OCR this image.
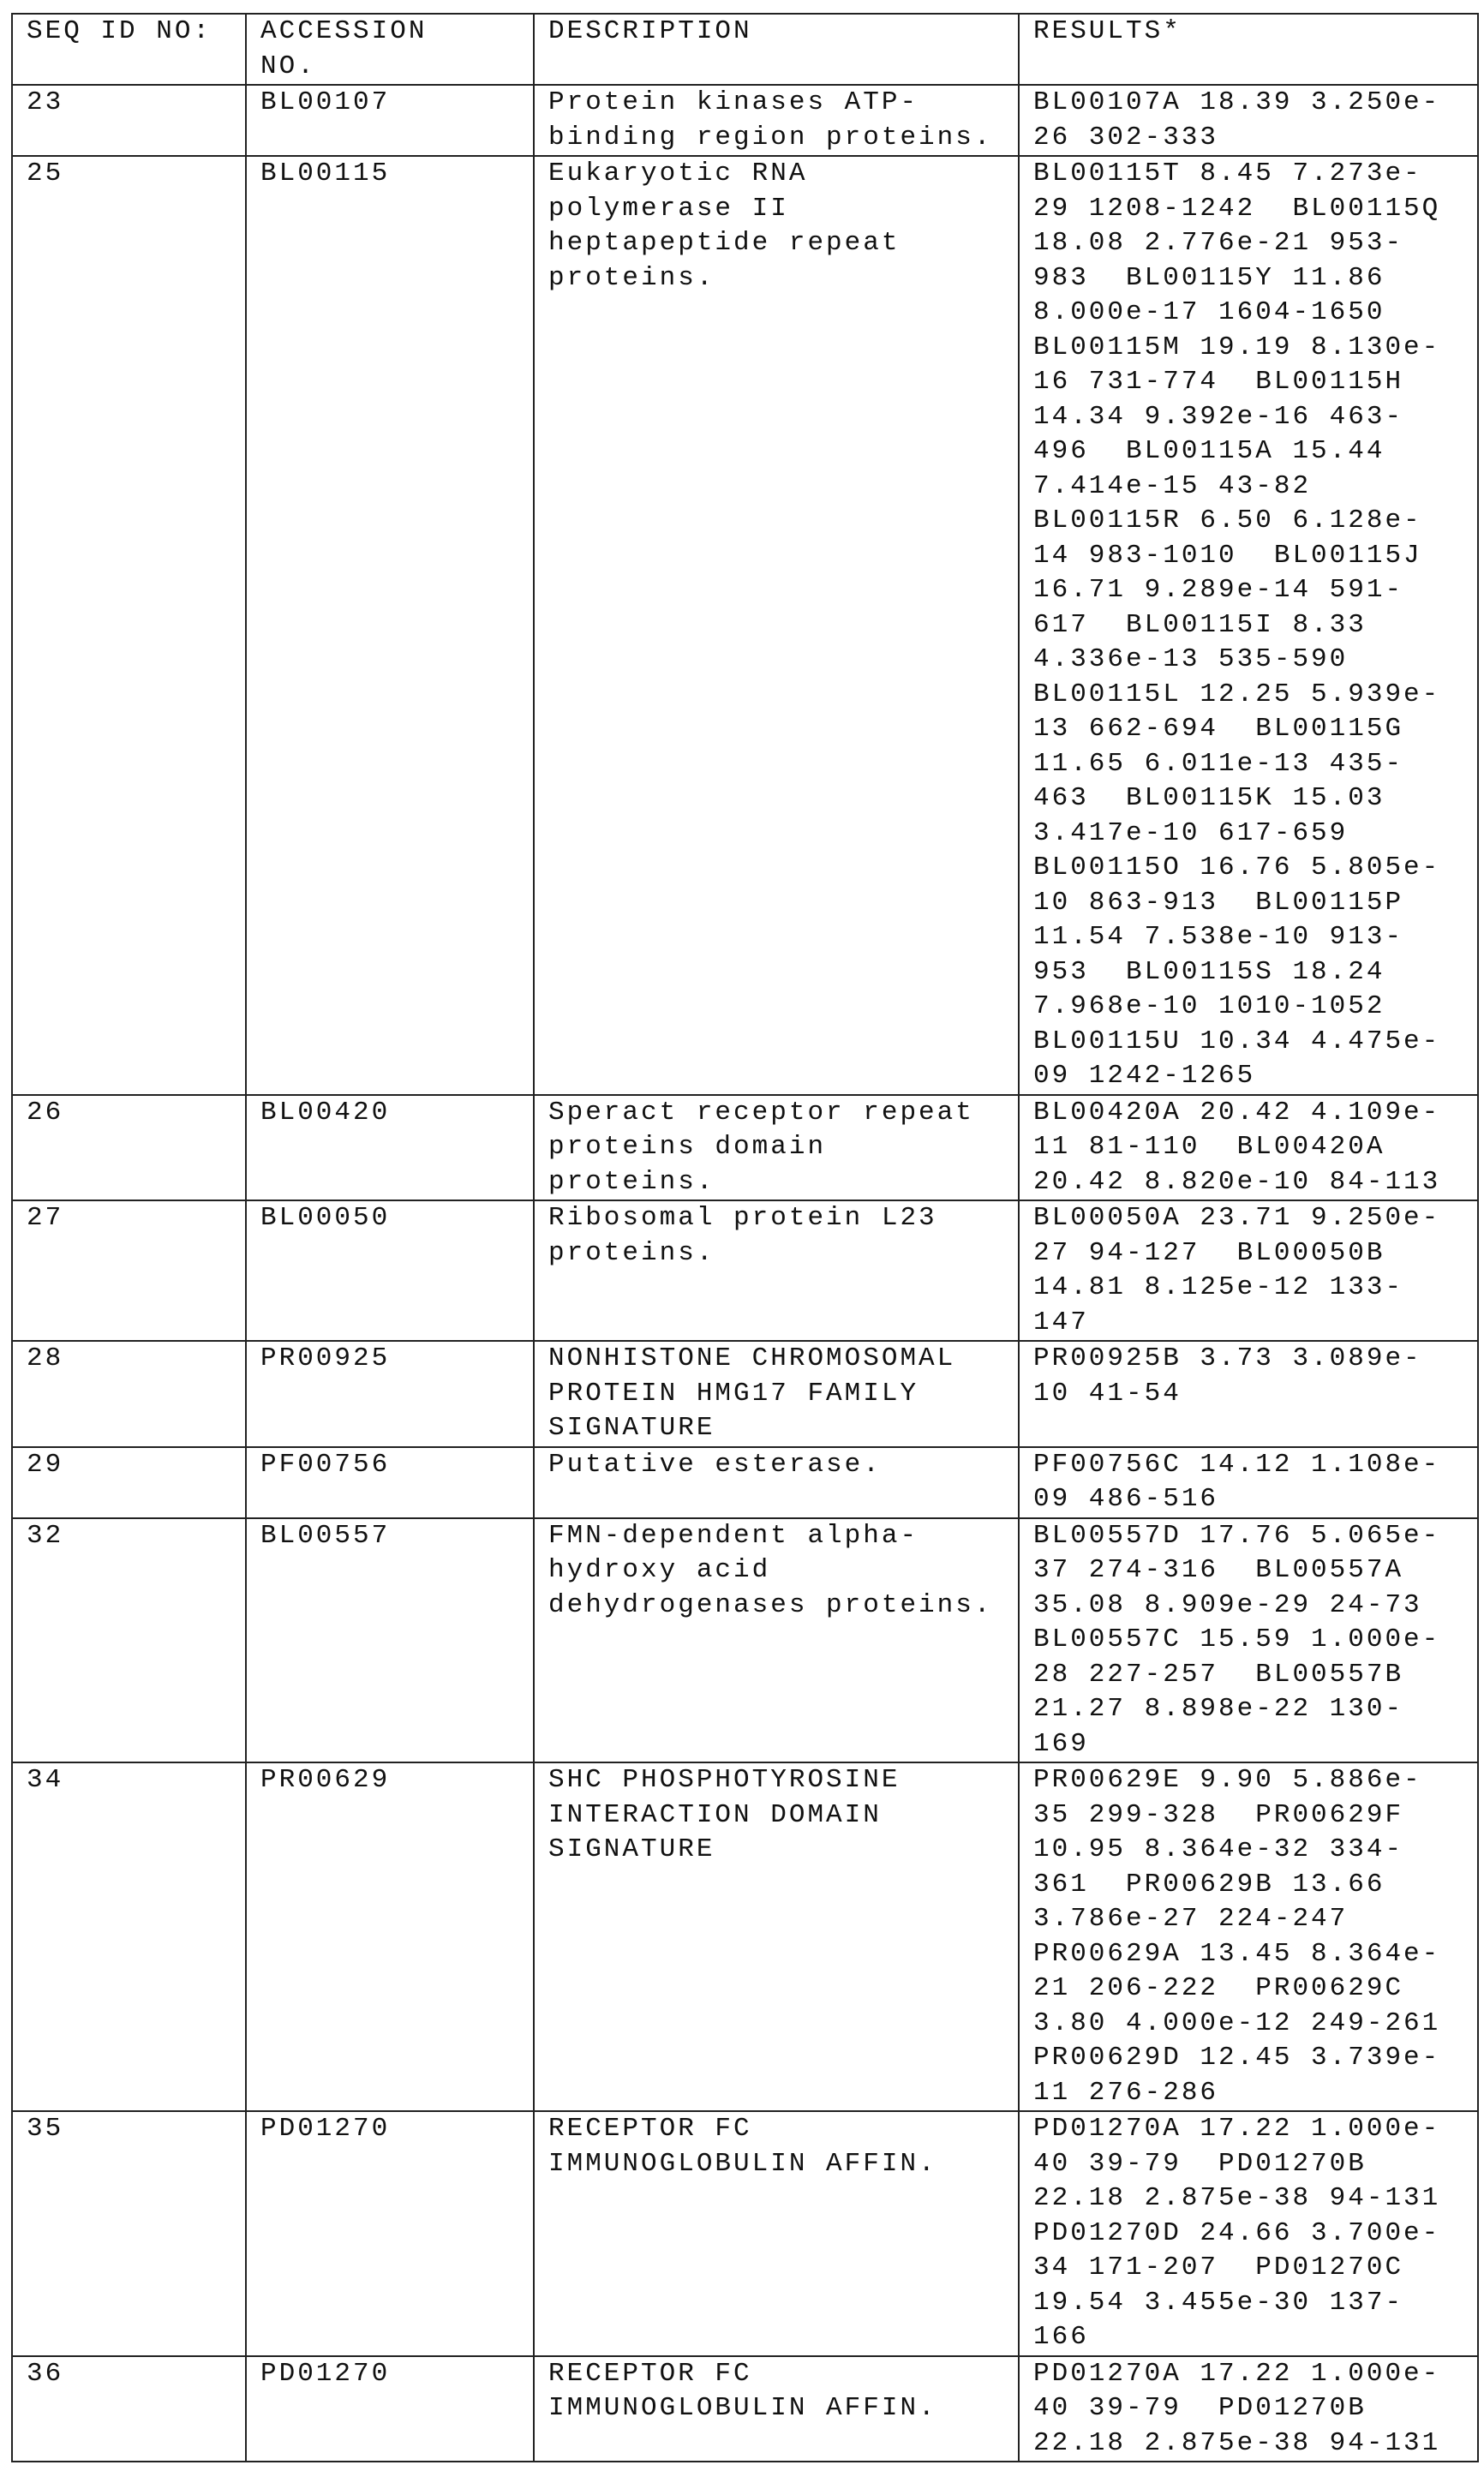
SEQ ID NO:	ACCESSION
NO.

DESCRIPTION	RESULTS*

23	BL00107	Protein kinases ATP-
binding region proteins.

BL00107A 18.39 3.250e-
26 302-333

25	BL00115	Eukaryotic RNA
polymerase II
heptapeptide repeat
proteins.

BL00115T 8.45 7.273e-
29 1208-1242  BL00115Q
18.08 2.776e-21 953-
983  BL00115Y 11.86
8.000e-17 1604-1650
BL00115M 19.19 8.130e-
16 731-774  BL00115H
14.34 9.392e-16 463-
496  BL00115A 15.44
7.414e-15 43-82
BL00115R 6.50 6.128e-
14 983-1010  BL00115J
16.71 9.289e-14 591-
617  BL00115I 8.33
4.336e-13 535-590
BL00115L 12.25 5.939e-
13 662-694  BL00115G
11.65 6.011e-13 435-
463  BL00115K 15.03
3.417e-10 617-659
BL00115O 16.76 5.805e-
10 863-913  BL00115P
11.54 7.538e-10 913-
953  BL00115S 18.24
7.968e-10 1010-1052
BL00115U 10.34 4.475e-
09 1242-1265

26	BL00420	Speract receptor repeat
proteins domain
proteins.

BL00420A 20.42 4.109e-
11 81-110  BL00420A
20.42 8.820e-10 84-113

27	BL00050	Ribosomal protein L23
proteins.

BL00050A 23.71 9.250e-
27 94-127  BL00050B
14.81 8.125e-12 133-
147

28	PR00925	NONHISTONE CHROMOSOMAL
PROTEIN HMG17 FAMILY
SIGNATURE

PR00925B 3.73 3.089e-
10 41-54

29	PF00756	Putative esterase.	PF00756C 14.12 1.108e-
09 486-516

32	BL00557	FMN-dependent alpha-
hydroxy acid
dehydrogenases proteins.

BL00557D 17.76 5.065e-
37 274-316  BL00557A
35.08 8.909e-29 24-73
BL00557C 15.59 1.000e-
28 227-257  BL00557B
21.27 8.898e-22 130-
169

34	PR00629	SHC PHOSPHOTYROSINE
INTERACTION DOMAIN
SIGNATURE

PR00629E 9.90 5.886e-
35 299-328  PR00629F
10.95 8.364e-32 334-
361  PR00629B 13.66
3.786e-27 224-247
PR00629A 13.45 8.364e-
21 206-222  PR00629C
3.80 4.000e-12 249-261
PR00629D 12.45 3.739e-
11 276-286

35	PD01270	RECEPTOR FC
IMMUNOGLOBULIN AFFIN.

PD01270A 17.22 1.000e-
40 39-79  PD01270B
22.18 2.875e-38 94-131
PD01270D 24.66 3.700e-
34 171-207  PD01270C
19.54 3.455e-30 137-
166

36	PD01270	RECEPTOR FC
IMMUNOGLOBULIN AFFIN.

PD01270A 17.22 1.000e-
40 39-79  PD01270B
22.18 2.875e-38 94-131
